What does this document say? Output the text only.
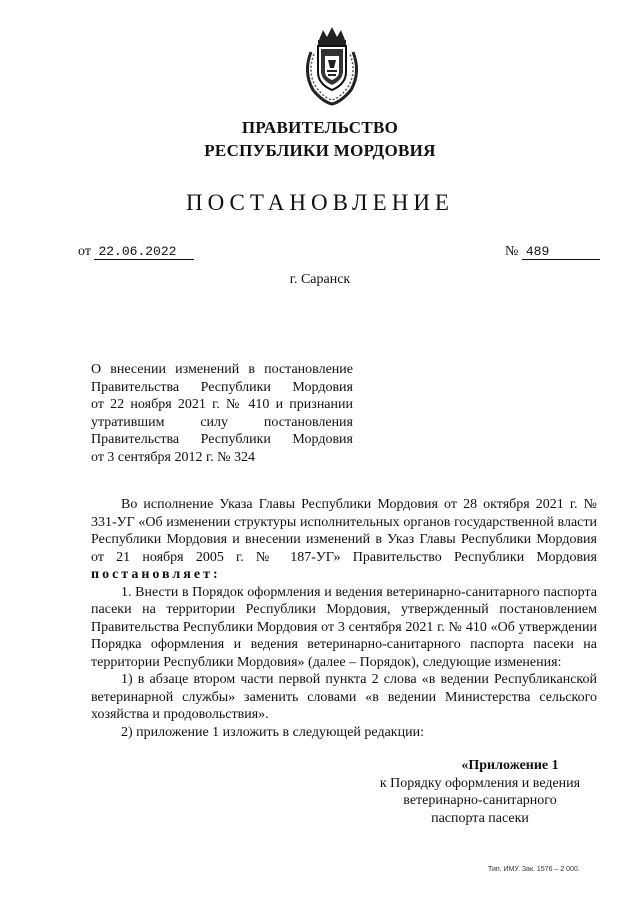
ПРАВИТЕЛЬСТВО
РЕСПУБЛИКИ МОРДОВИЯ
ПОСТАНОВЛЕНИЕ
от 22.06.2022	№ 489
г. Саранск
О внесении изменений в постановление
Правительства Республики Мордовия
от 22 ноября 2021 г. № 410 и признании
утратившим силу постановления
Правительства Республики Мордовия
от 3 сентября 2012 г. № 324

Во исполнение Указа Главы Республики Мордовия от 28 октября 2021 г. № 331-УГ «Об изменении структуры исполнительных органов государственной власти Республики Мордовия и внесении изменений в Указ Главы Республики Мордовия от 21 ноября 2005 г. № 187-УГ» Правительство Республики Мордовия постановляет:

1. Внести в Порядок оформления и ведения ветеринарно-санитарного паспорта пасеки на территории Республики Мордовия, утвержденный постановлением Правительства Республики Мордовия от 3 сентября 2021 г. № 410 «Об утверждении Порядка оформления и ведения ветеринарно-санитарного паспорта пасеки на территории Республики Мордовия» (далее – Порядок), следующие изменения:

1) в абзаце втором части первой пункта 2 слова «в ведении Республиканской ветеринарной службы» заменить словами «в ведении Министерства сельского хозяйства и продовольствия».

2) приложение 1 изложить в следующей редакции:

«Приложение 1
к Порядку оформления и ведения
ветеринарно-санитарного
паспорта пасеки
Тип. ИМУ. Зак. 1576 – 2 000.
